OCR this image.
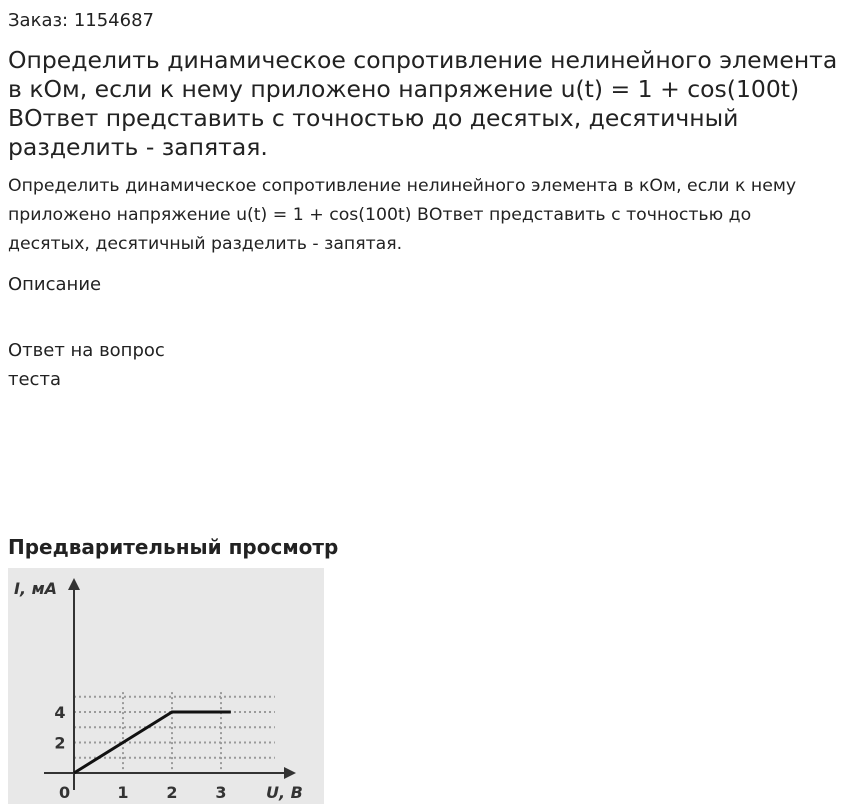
Заказ: 1154687
Определить динамическое сопротивление нелинейного элемента в кОм, если к нему приложено напряжение u(t) = 1 + cos(100t) ВОтвет представить с точностью до десятых, десятичный разделить - запятая.

Определить динамическое сопротивление нелинейного элемента в кОм, если к нему приложено напряжение u(t) = 1 + cos(100t) ВОтвет представить с точностью до десятых, десятичный разделить - запятая.

Описание
Ответ на вопрос теста
Предварительный просмотр
I, мА
U, В
0	1 2 3
2
4
